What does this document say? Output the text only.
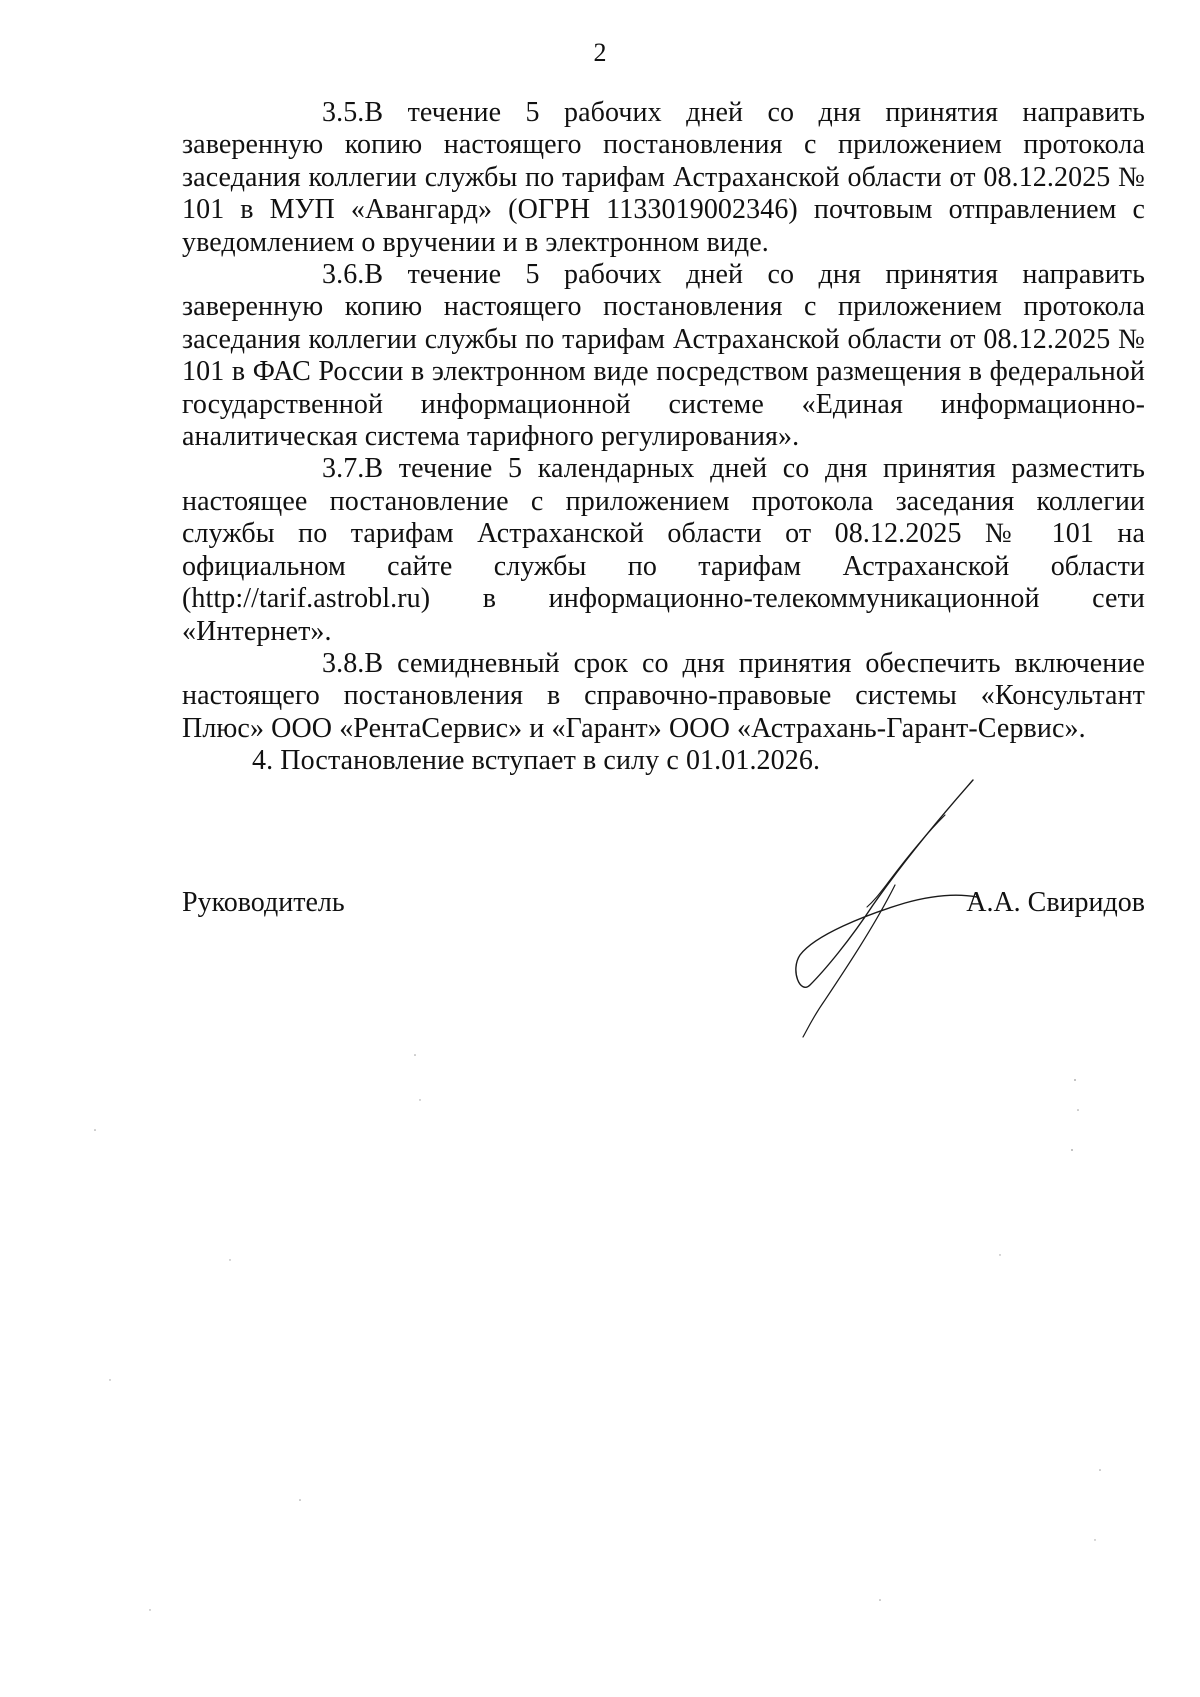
2

3.5.В течение 5 рабочих дней со дня принятия направить заверенную копию настоящего постановления с приложением протокола заседания коллегии службы по тарифам Астраханской области от 08.12.2025 № 101 в МУП «Авангард» (ОГРН 1133019002346) почтовым отправлением с уведомлением о вручении и в электронном виде.

3.6.В течение 5 рабочих дней со дня принятия направить заверенную копию настоящего постановления с приложением протокола заседания коллегии службы по тарифам Астраханской области от 08.12.2025 № 101 в ФАС России в электронном виде посредством размещения в федеральной государственной информационной системе «Единая информационно-аналитическая система тарифного регулирования».

3.7.В течение 5 календарных дней со дня принятия разместить настоящее постановление с приложением протокола заседания коллегии службы по тарифам Астраханской области от 08.12.2025 № 101 на официальном сайте службы по тарифам Астраханской области (http://tarif.astrobl.ru) в информационно-телекоммуникационной сети «Интернет».

3.8.В семидневный срок со дня принятия обеспечить включение настоящего постановления в справочно-правовые системы «Консультант Плюс» ООО «РентаСервис» и «Гарант» ООО «Астрахань-Гарант-Сервис».

4. Постановление вступает в силу с 01.01.2026.

Руководитель	А.А. Свиридов
